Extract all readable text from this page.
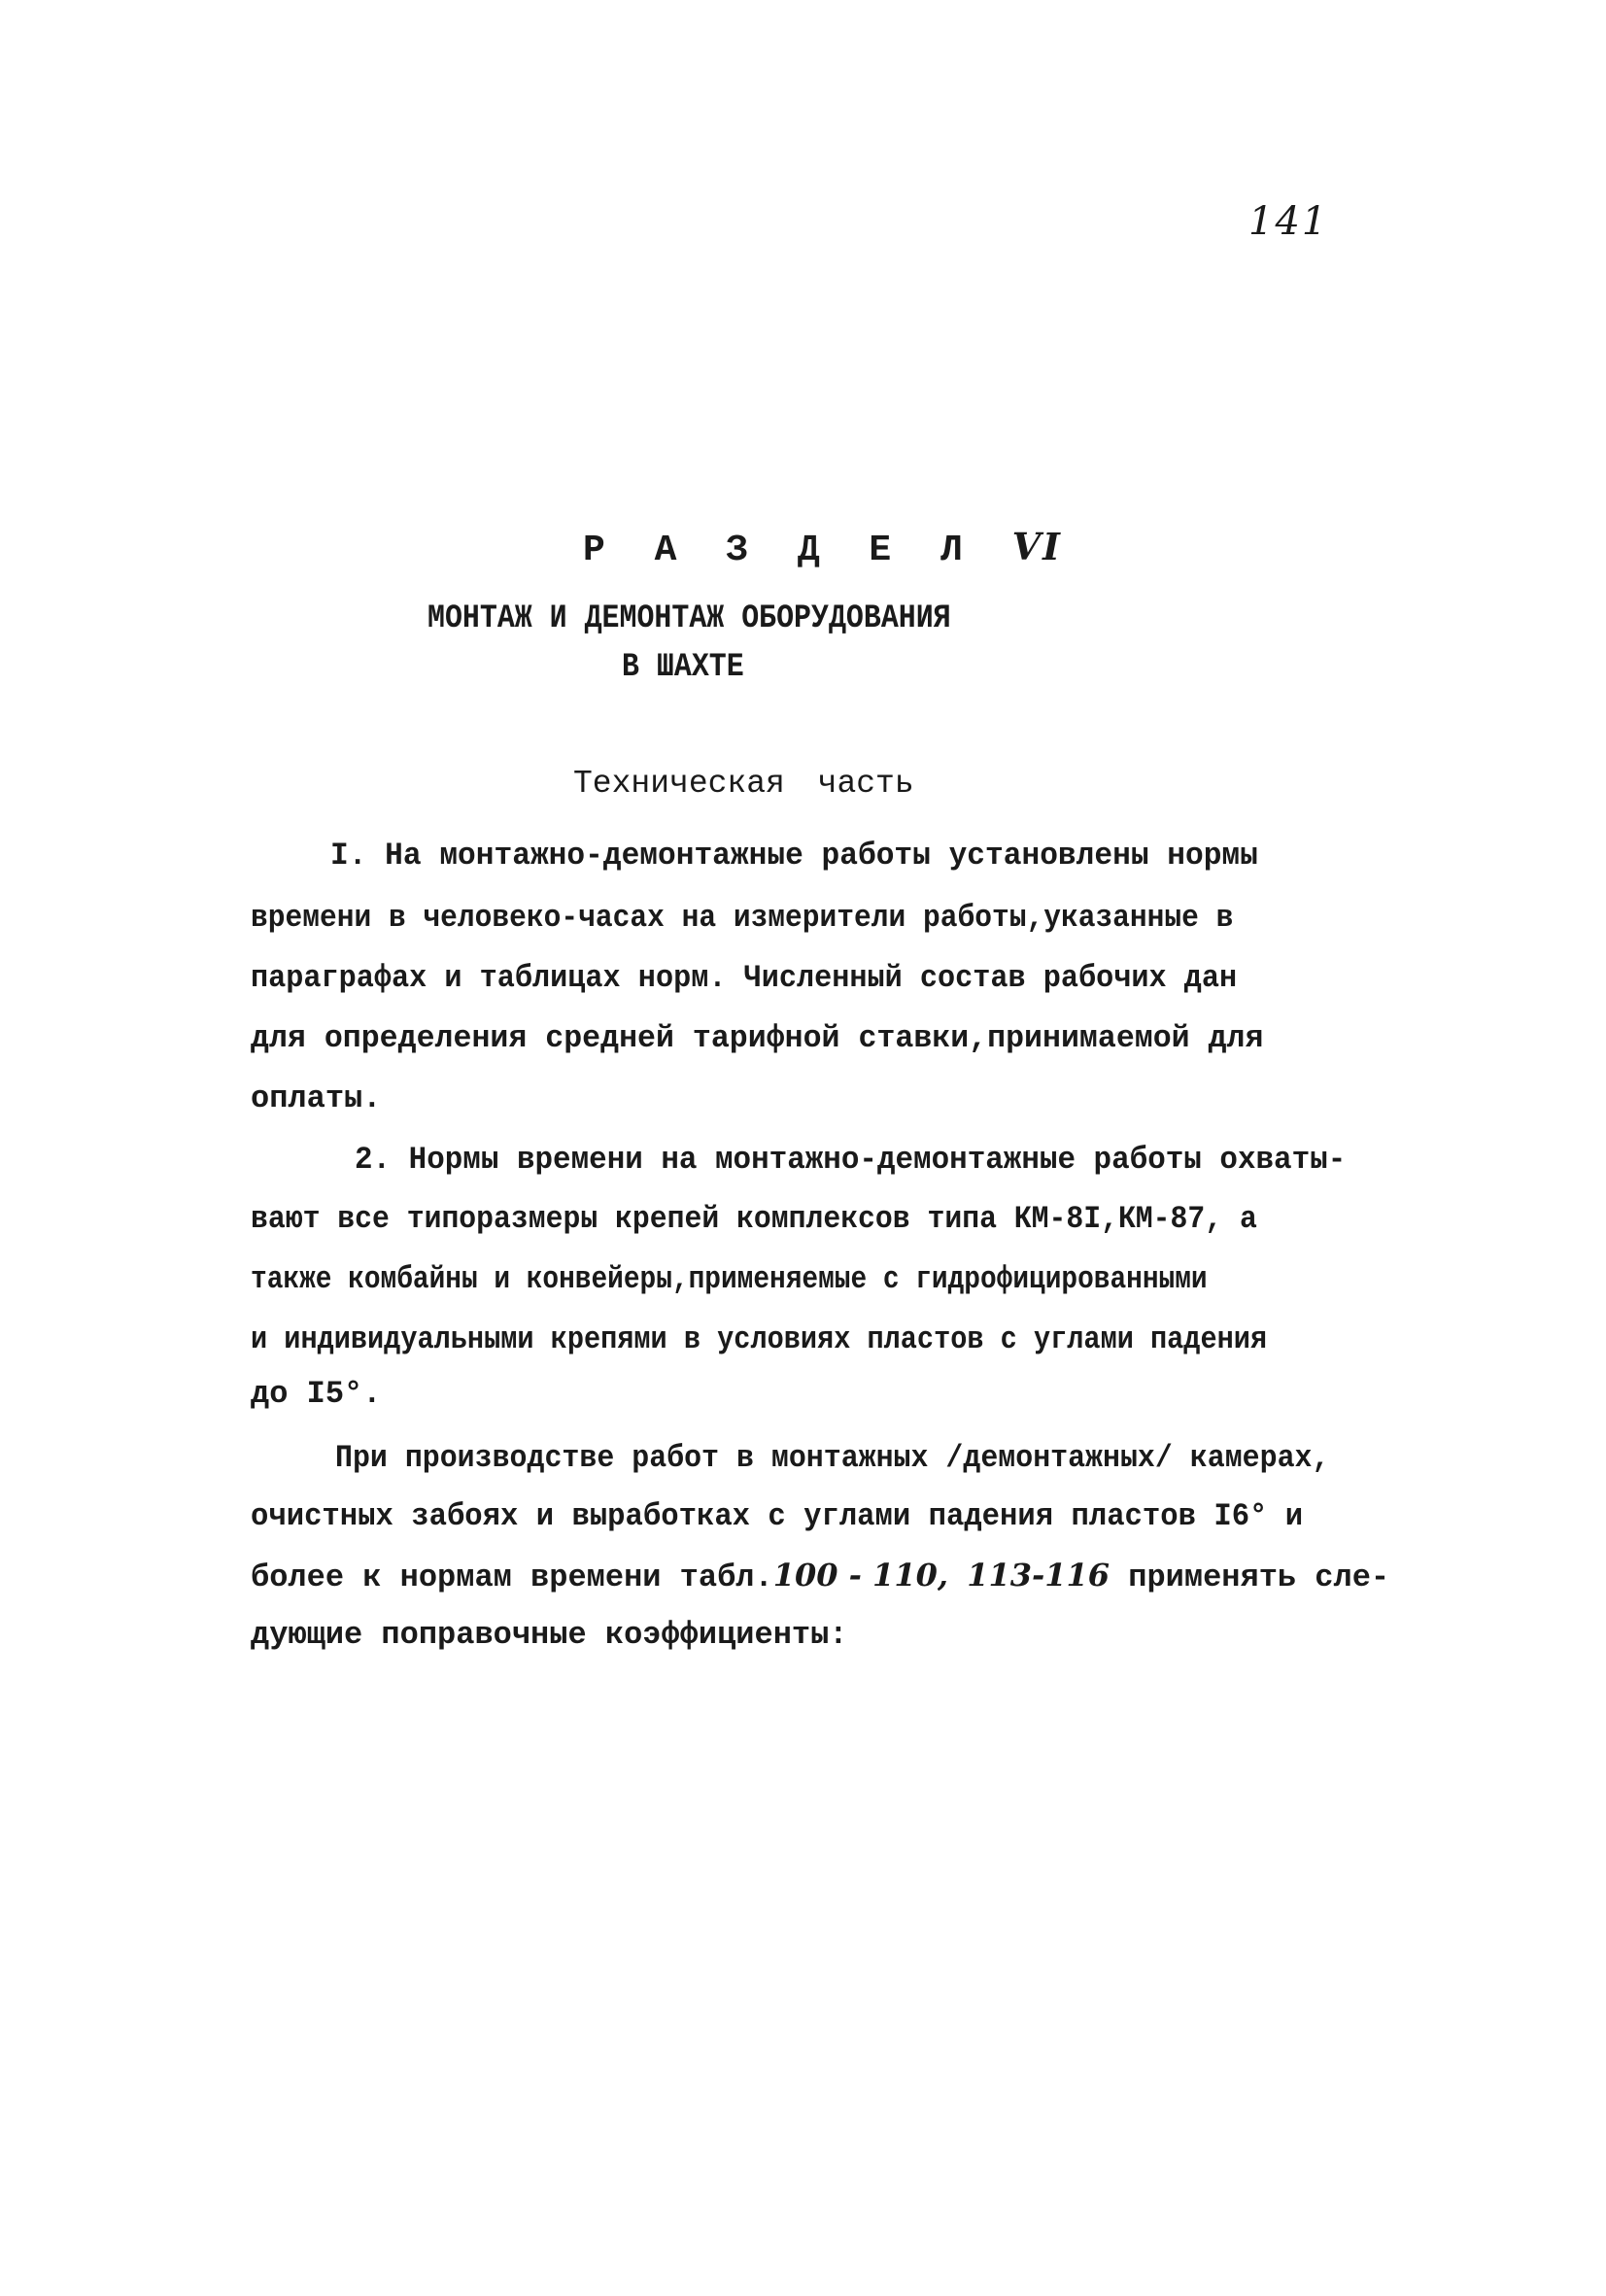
141
Р А З Д Е Л VI
МОНТАЖ И ДЕМОНТАЖ ОБОРУДОВАНИЯ
В ШАХТЕ
Техническая часть
I. На монтажно-демонтажные работы установлены нормы
времени в человеко-часах на измерители работы,указанные в
параграфах и таблицах норм. Численный состав рабочих дан
для определения средней тарифной ставки,принимаемой для
оплаты.
2. Нормы времени на монтажно-демонтажные работы охваты-
вают все типоразмеры крепей комплексов типа КМ-8I,КМ-87, а
также комбайны и конвейеры,применяемые с гидрофицированными
и индивидуальными крепями в условиях пластов с углами падения
до I5°.
При производстве работ в монтажных /демонтажных/ камерах,
очистных забоях и выработках с углами падения пластов I6° и
более к нормам времени табл.100 - 110, 113-116 применять сле-
дующие поправочные коэффициенты:
